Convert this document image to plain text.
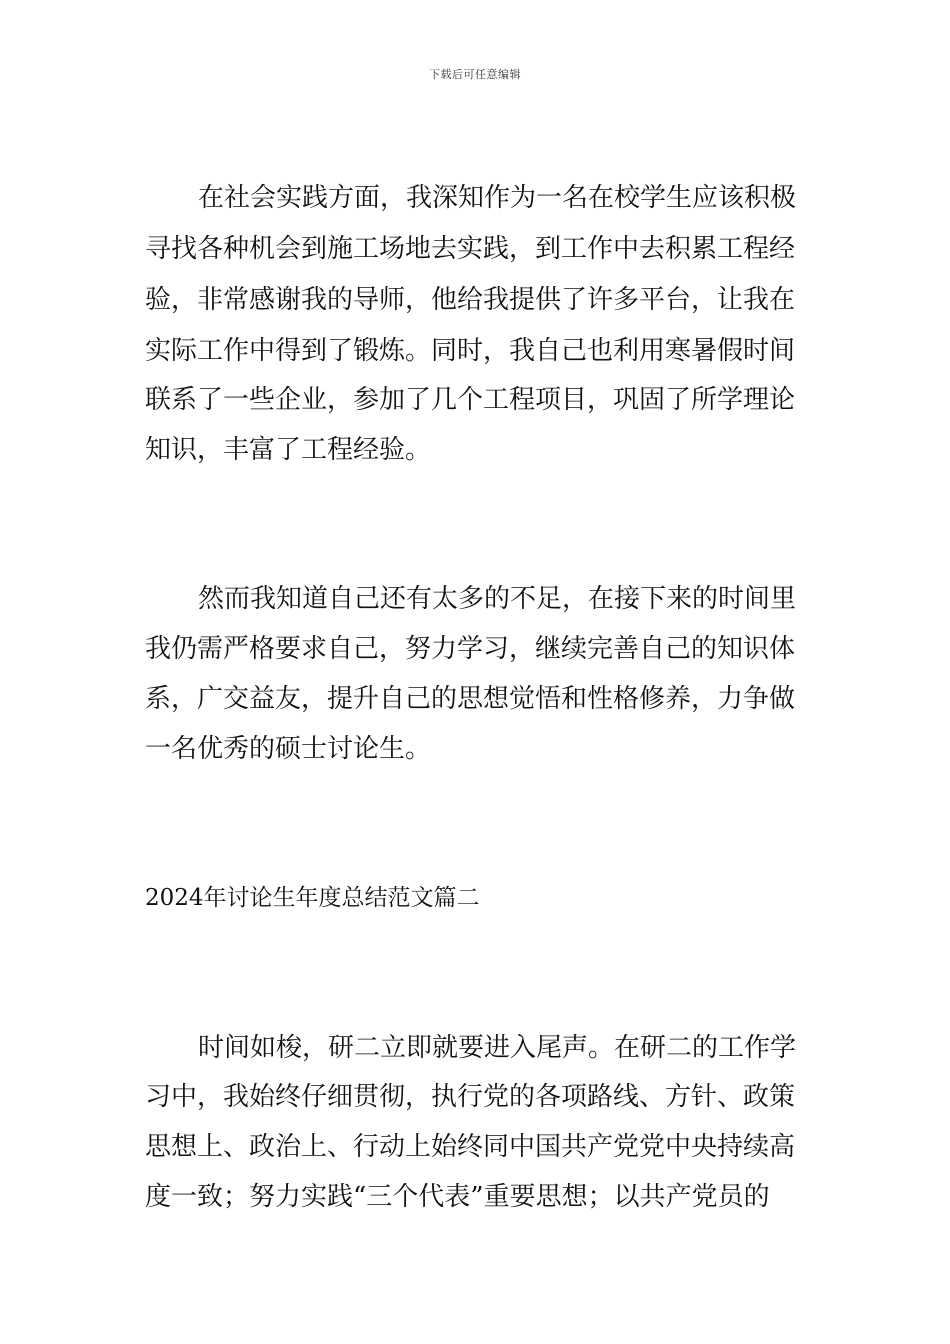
下载后可任意编辑
在社会实践方面，我深知作为一名在校学生应该积极
寻找各种机会到施工场地去实践，到工作中去积累工程经
验，非常感谢我的导师，他给我提供了许多平台，让我在
实际工作中得到了锻炼。同时，我自己也利用寒暑假时间
联系了一些企业，参加了几个工程项目，巩固了所学理论
知识，丰富了工程经验。
然而我知道自己还有太多的不足，在接下来的时间里
我仍需严格要求自己，努力学习，继续完善自己的知识体
系，广交益友，提升自己的思想觉悟和性格修养，力争做
一名优秀的硕士讨论生。
2024年讨论生年度总结范文篇二
时间如梭，研二立即就要进入尾声。在研二的工作学
习中，我始终仔细贯彻，执行党的各项路线、方针、政策
思想上、政治上、行动上始终同中国共产党党中央持续高
度一致；努力实践“三个代表”重要思想；以共产党员的
